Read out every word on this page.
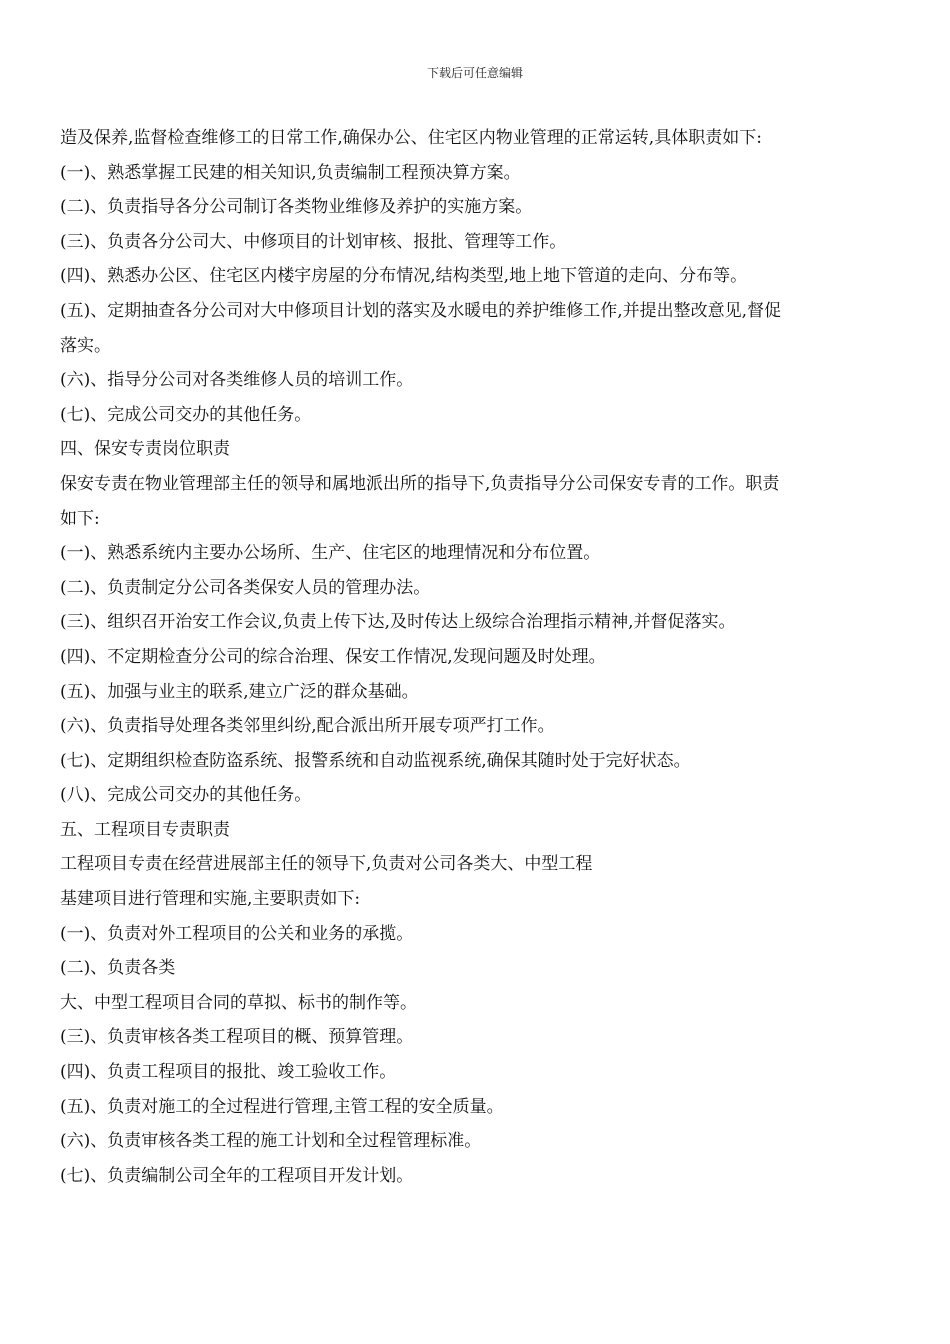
下载后可任意编辑
造及保养,监督检查维修工的日常工作,确保办公、住宅区内物业管理的正常运转,具体职责如下:
(一)、熟悉掌握工民建的相关知识,负责编制工程预决算方案。
(二)、负责指导各分公司制订各类物业维修及养护的实施方案。
(三)、负责各分公司大、中修项目的计划审核、报批、管理等工作。
(四)、熟悉办公区、住宅区内楼宇房屋的分布情况,结构类型,地上地下管道的走向、分布等。
(五)、定期抽查各分公司对大中修项目计划的落实及水暖电的养护维修工作,并提出整改意见,督促
落实。
(六)、指导分公司对各类维修人员的培训工作。
(七)、完成公司交办的其他任务。
四、保安专责岗位职责
保安专责在物业管理部主任的领导和属地派出所的指导下,负责指导分公司保安专青的工作。职责
如下:
(一)、熟悉系统内主要办公场所、生产、住宅区的地理情况和分布位置。
(二)、负责制定分公司各类保安人员的管理办法。
(三)、组织召开治安工作会议,负责上传下达,及时传达上级综合治理指示精神,并督促落实。
(四)、不定期检查分公司的综合治理、保安工作情况,发现问题及时处理。
(五)、加强与业主的联系,建立广泛的群众基础。
(六)、负责指导处理各类邻里纠纷,配合派出所开展专项严打工作。
(七)、定期组织检查防盗系统、报警系统和自动监视系统,确保其随时处于完好状态。
(八)、完成公司交办的其他任务。
五、工程项目专责职责
工程项目专责在经营进展部主任的领导下,负责对公司各类大、中型工程
基建项目进行管理和实施,主要职责如下:
(一)、负责对外工程项目的公关和业务的承揽。
(二)、负责各类
大、中型工程项目合同的草拟、标书的制作等。
(三)、负责审核各类工程项目的概、预算管理。
(四)、负责工程项目的报批、竣工验收工作。
(五)、负责对施工的全过程进行管理,主管工程的安全质量。
(六)、负责审核各类工程的施工计划和全过程管理标准。
(七)、负责编制公司全年的工程项目开发计划。
